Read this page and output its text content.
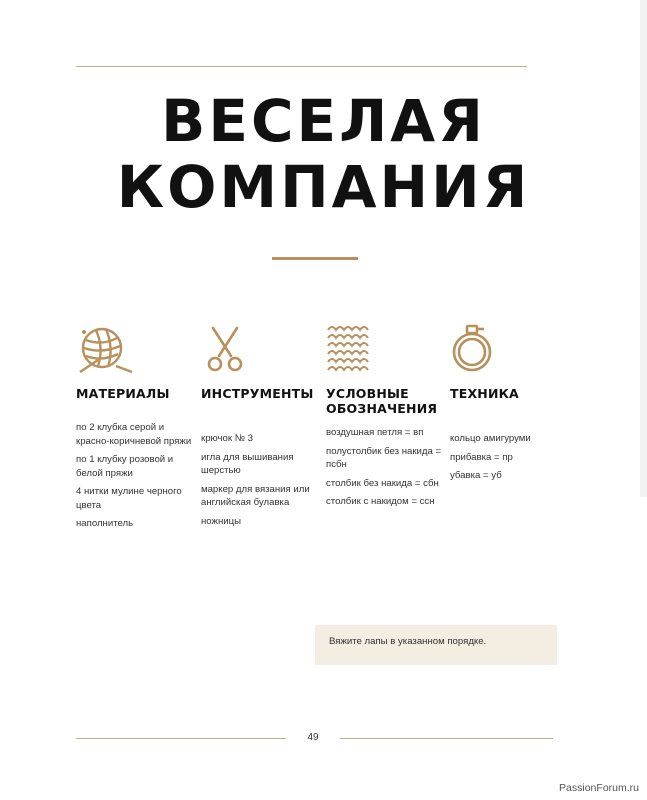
ВЕСЕЛАЯ
КОМПАНИЯ
МАТЕРИАЛЫ
по 2 клубка серой и красно-коричневой пряжи
по 1 клубку розовой и белой пряжи
4 нитки мулине черного цвета
наполнитель
ИНСТРУМЕНТЫ
крючок № 3
игла для вышивания шерстью
маркер для вязания или английская булавка
ножницы
УСЛОВНЫЕ
ОБОЗНАЧЕНИЯ
воздушная петля = вп
полустолбик без накида = псбн
столбик без накида = сбн
столбик с накидом = ccн
ТЕХНИКА
кольцо амигуруми
прибавка = пр
убавка = уб
Вяжите лапы в указанном порядке.
49
PassionForum.ru
